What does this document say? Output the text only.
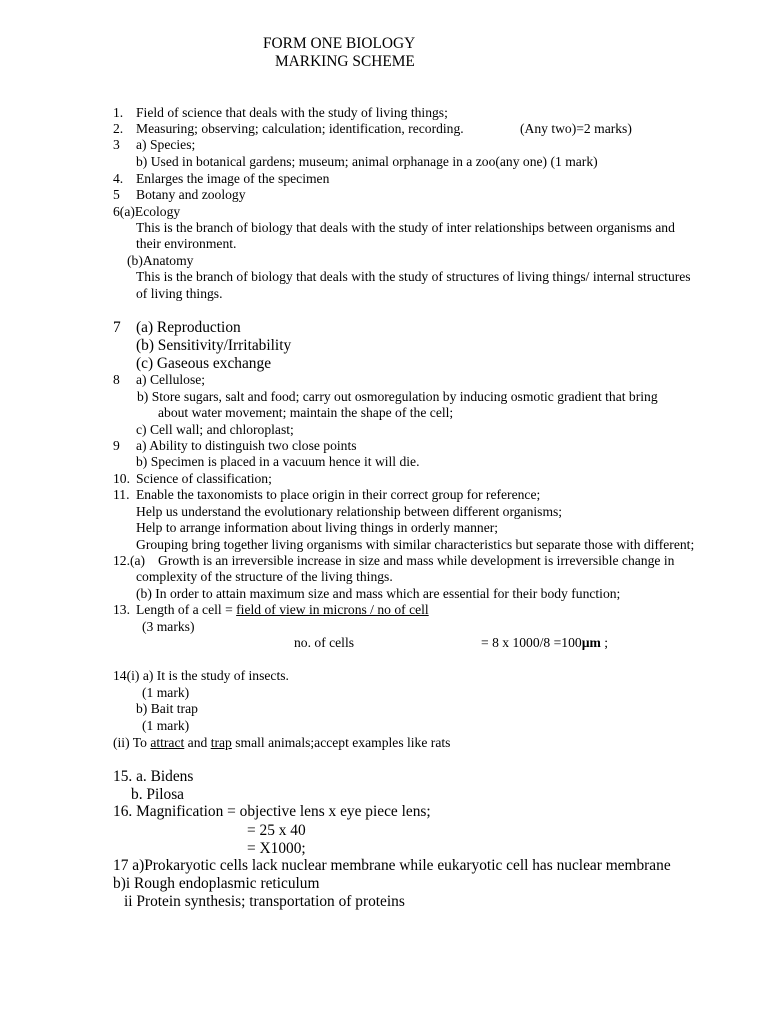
FORM ONE BIOLOGY
MARKING SCHEME
1. Field of science that deals with the study of living things;
2. Measuring; observing; calculation; identification, recording.	(Any two)=2 marks)
3 a) Species;
b) Used in botanical gardens; museum; animal orphanage in a zoo(any one) (1 mark)
4. Enlarges the image of the specimen
5 Botany and zoology
6(a)Ecology
This is the branch of biology that deals with the study of inter relationships between organisms and
their environment.
(b)Anatomy
This is the branch of biology that deals with the study of structures of living things/ internal structures
of living things.
7 (a) Reproduction
(b) Sensitivity/Irritability
(c) Gaseous exchange
8 a) Cellulose;
b) Store sugars, salt and food; carry out osmoregulation by inducing osmotic gradient that bring
about water movement; maintain the shape of the cell;
c) Cell wall; and chloroplast;
9 a) Ability to distinguish two close points
b) Specimen is placed in a vacuum hence it will die.
10. Science of classification;
11. Enable the taxonomists to place origin in their correct group for reference;
Help us understand the evolutionary relationship between different organisms;
Help to arrange information about living things in orderly manner;
Grouping bring together living organisms with similar characteristics but separate those with different;
12.(a) Growth is an irreversible increase in size and mass while development is irreversible change in
complexity of the structure of the living things.
(b) In order to attain maximum size and mass which are essential for their body function;
13. Length of a cell = field of view in microns / no of cell
(3 marks)
no. of cells	= 8 x 1000/8 =100µm ;
14(i) a) It is the study of insects.
(1 mark)
b) Bait trap
(1 mark)
(ii) To attract and trap small animals;accept examples like rats
15. a. Bidens
b. Pilosa
16. Magnification = objective lens x eye piece lens;
= 25 x 40
= X1000;
17 a)Prokaryotic cells lack nuclear membrane while eukaryotic cell has nuclear membrane
b)i Rough endoplasmic reticulum
ii Protein synthesis; transportation of proteins
